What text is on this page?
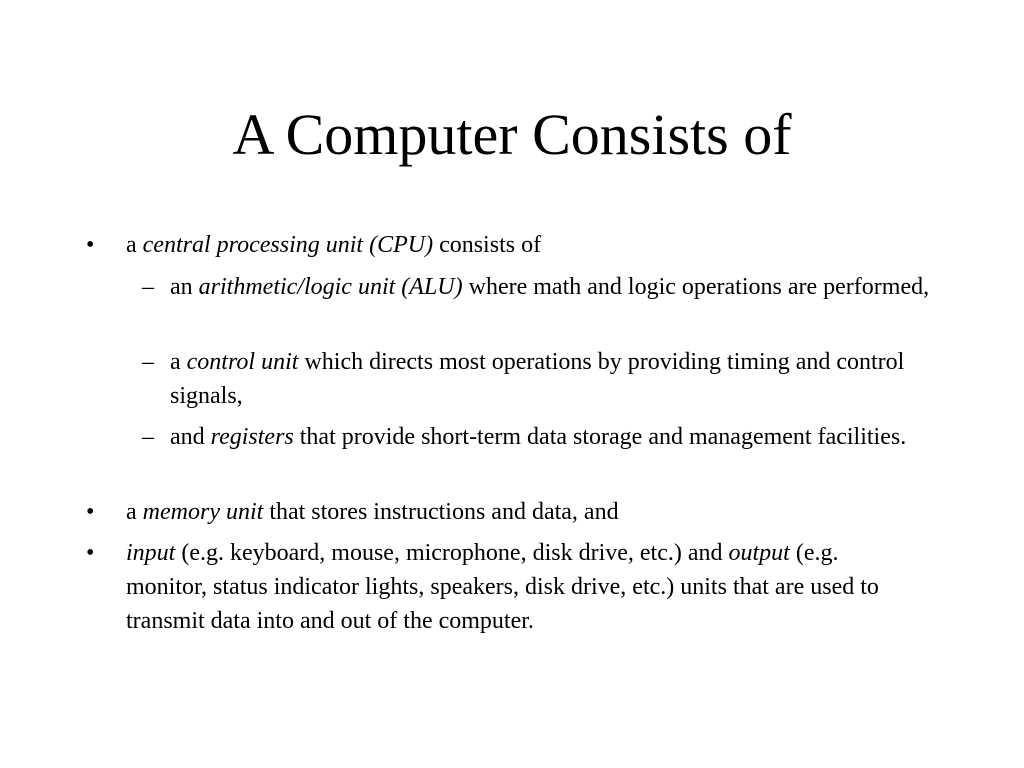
A Computer Consists of
• a central processing unit (CPU) consists of
– an arithmetic/logic unit (ALU) where math and logic operations are performed,
– a control unit which directs most operations by providing timing and control signals,
– and registers that provide short-term data storage and management facilities.
• a memory unit that stores instructions and data, and
• input (e.g. keyboard, mouse, microphone, disk drive, etc.) and output (e.g. monitor, status indicator lights, speakers, disk drive, etc.) units that are used to transmit data into and out of the computer.
